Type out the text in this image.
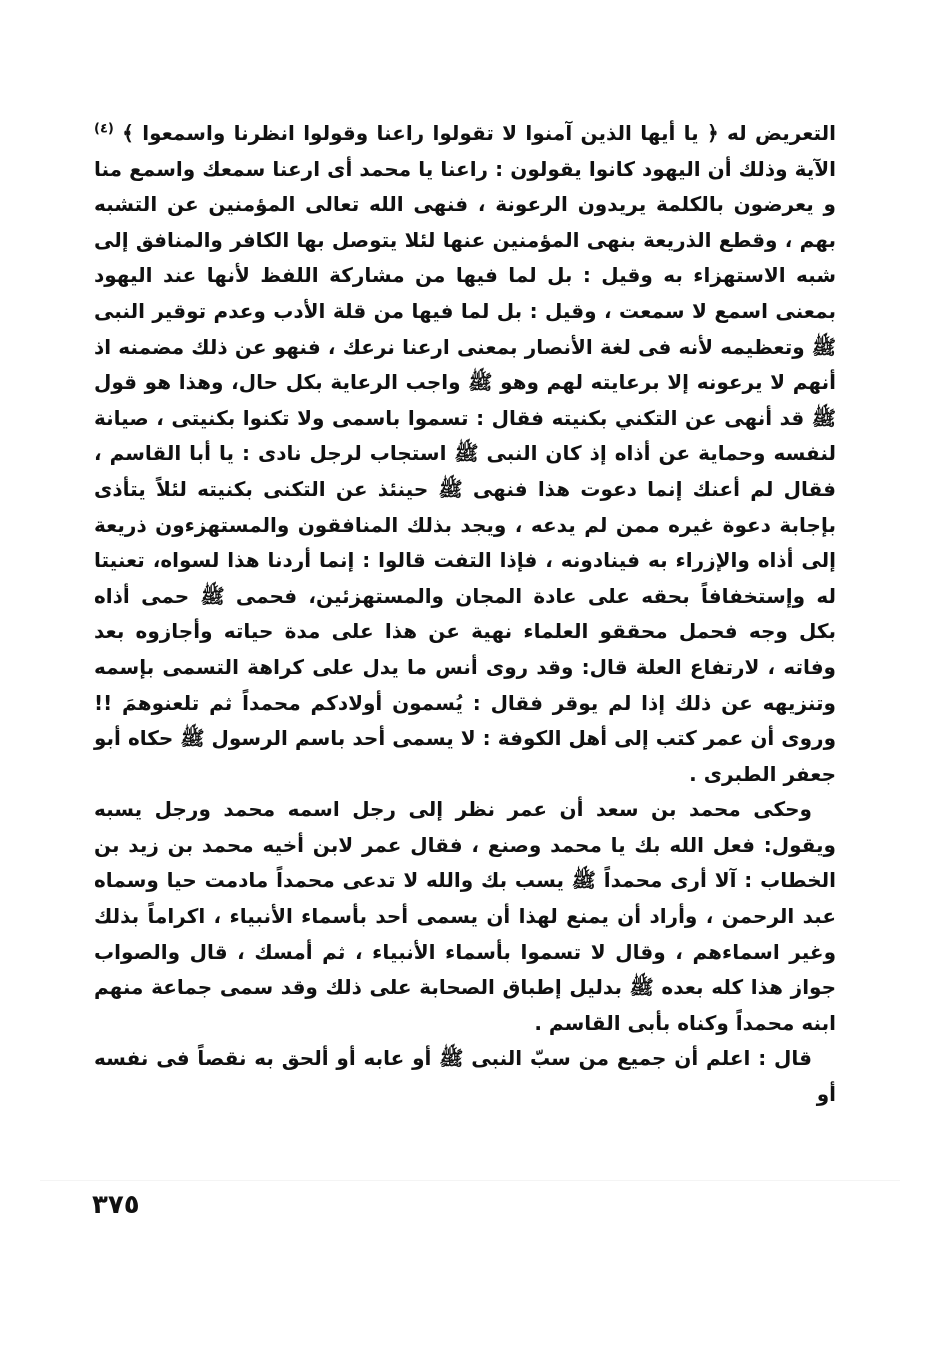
التعريض له ﴿ يا أيها الذين آمنوا لا تقولوا راعنا وقولوا انظرنا واسمعوا ﴾ $^{(٤)}$ الآية وذلك أن اليهود كانوا يقولون : راعنا يا محمد أى ارعنا سمعك واسمع منا و يعرضون بالكلمة يريدون الرعونة ، فنهى الله تعالى المؤمنين عن التشبه بهم ، وقطع الذريعة بنهى المؤمنين عنها لئلا يتوصل بها الكافر والمنافق إلى شبه الاستهزاء به وقيل : بل لما فيها من مشاركة اللفظ لأنها عند اليهود بمعنى اسمع لا سمعت ، وقيل : بل لما فيها من قلة الأدب وعدم توقير النبى ﷺ وتعظيمه لأنه فى لغة الأنصار بمعنى ارعنا نرعك ، فنهو عن ذلك مضمنه اذ أنهم لا يرعونه إلا برعايته لهم وهو ﷺ واجب الرعاية بكل حال، وهذا هو قول ﷺ قد أنهى عن التكني بكنيته فقال : تسموا باسمى ولا تكنوا بكنيتى ، صيانة لنفسه وحماية عن أذاه إذ كان النبى ﷺ استجاب لرجل نادى : يا أبا القاسم ، فقال لم أعنك إنما دعوت هذا فنهى ﷺ حينئذ عن التكنى بكنيته لئلاً يتأذى بإجابة دعوة غيره ممن لم يدعه ، ويجد بذلك المنافقون والمستهزءون ذريعة إلى أذاه والإزراء به فينادونه ، فإذا التفت قالوا : إنما أردنا هذا لسواه، تعنيتا له وإستخفافاً بحقه على عادة المجان والمستهزئين، فحمى ﷺ حمى أذاه بكل وجه فحمل محققو العلماء نهية عن هذا على مدة حياته وأجازوه بعد وفاته ، لارتفاع العلة قال: وقد روى أنس ما يدل على كراهة التسمى بإسمه وتنزيهه عن ذلك إذا لم يوقر فقال : يُسمون أولادكم محمداً ثم تلعنوهمَ !! وروى أن عمر كتب إلى أهل الكوفة : لا يسمى أحد باسم الرسول ﷺ حكاه أبو جعفر الطبرى .

وحكى محمد بن سعد أن عمر نظر إلى رجل اسمه محمد ورجل يسبه ويقول: فعل الله بك يا محمد وصنع ، فقال عمر لابن أخيه محمد بن زيد بن الخطاب : آلا أرى محمداً ﷺ يسب بك والله لا تدعى محمداً مادمت حيا وسماه عبد الرحمن ، وأراد أن يمنع لهذا أن يسمى أحد بأسماء الأنبياء ، اكراماً بذلك وغير اسماءهم ، وقال لا تسموا بأسماء الأنبياء ، ثم أمسك ، قال والصواب جواز هذا كله بعده ﷺ بدليل إطباق الصحابة على ذلك وقد سمى جماعة منهم ابنه محمداً وكناه بأبى القاسم .

قال : اعلم أن جميع من سبّ النبى ﷺ أو عابه أو ألحق به نقصاً فى نفسه أو

٣٧٥
